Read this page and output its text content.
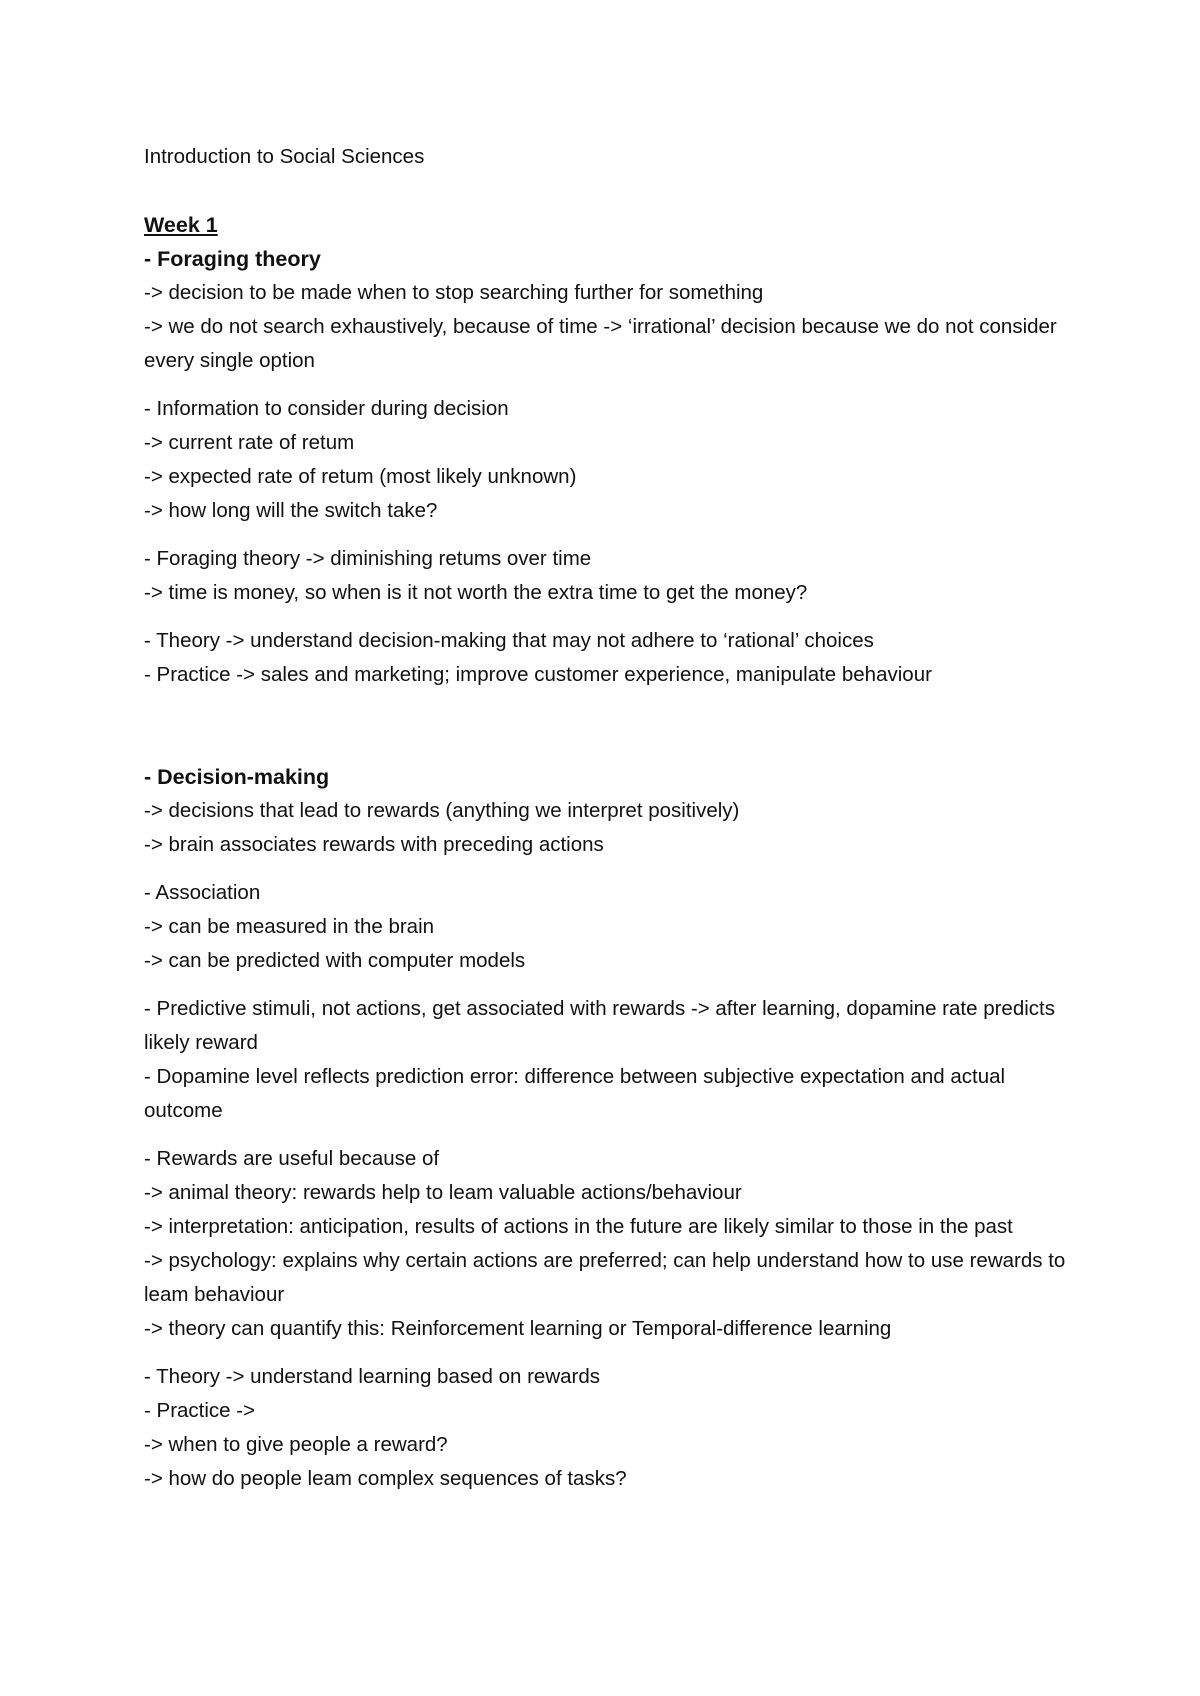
Introduction to Social Sciences
Week 1
- Foraging theory
-> decision to be made when to stop searching further for something
-> we do not search exhaustively, because of time -> ‘irrational’ decision because we do not consider every single option
- Information to consider during decision
-> current rate of retum
-> expected rate of retum (most likely unknown)
-> how long will the switch take?
- Foraging theory -> diminishing retums over time
-> time is money, so when is it not worth the extra time to get the money?
- Theory -> understand decision-making that may not adhere to ‘rational’ choices
- Practice -> sales and marketing; improve customer experience, manipulate behaviour
- Decision-making
-> decisions that lead to rewards (anything we interpret positively)
-> brain associates rewards with preceding actions
- Association
-> can be measured in the brain
-> can be predicted with computer models
- Predictive stimuli, not actions, get associated with rewards -> after learning, dopamine rate predicts likely reward
- Dopamine level reflects prediction error: difference between subjective expectation and actual outcome
- Rewards are useful because of
-> animal theory: rewards help to leam valuable actions/behaviour
-> interpretation: anticipation, results of actions in the future are likely similar to those in the past
-> psychology: explains why certain actions are preferred; can help understand how to use rewards to leam behaviour
-> theory can quantify this: Reinforcement learning or Temporal-difference learning
- Theory -> understand learning based on rewards
- Practice ->
-> when to give people a reward?
-> how do people leam complex sequences of tasks?
